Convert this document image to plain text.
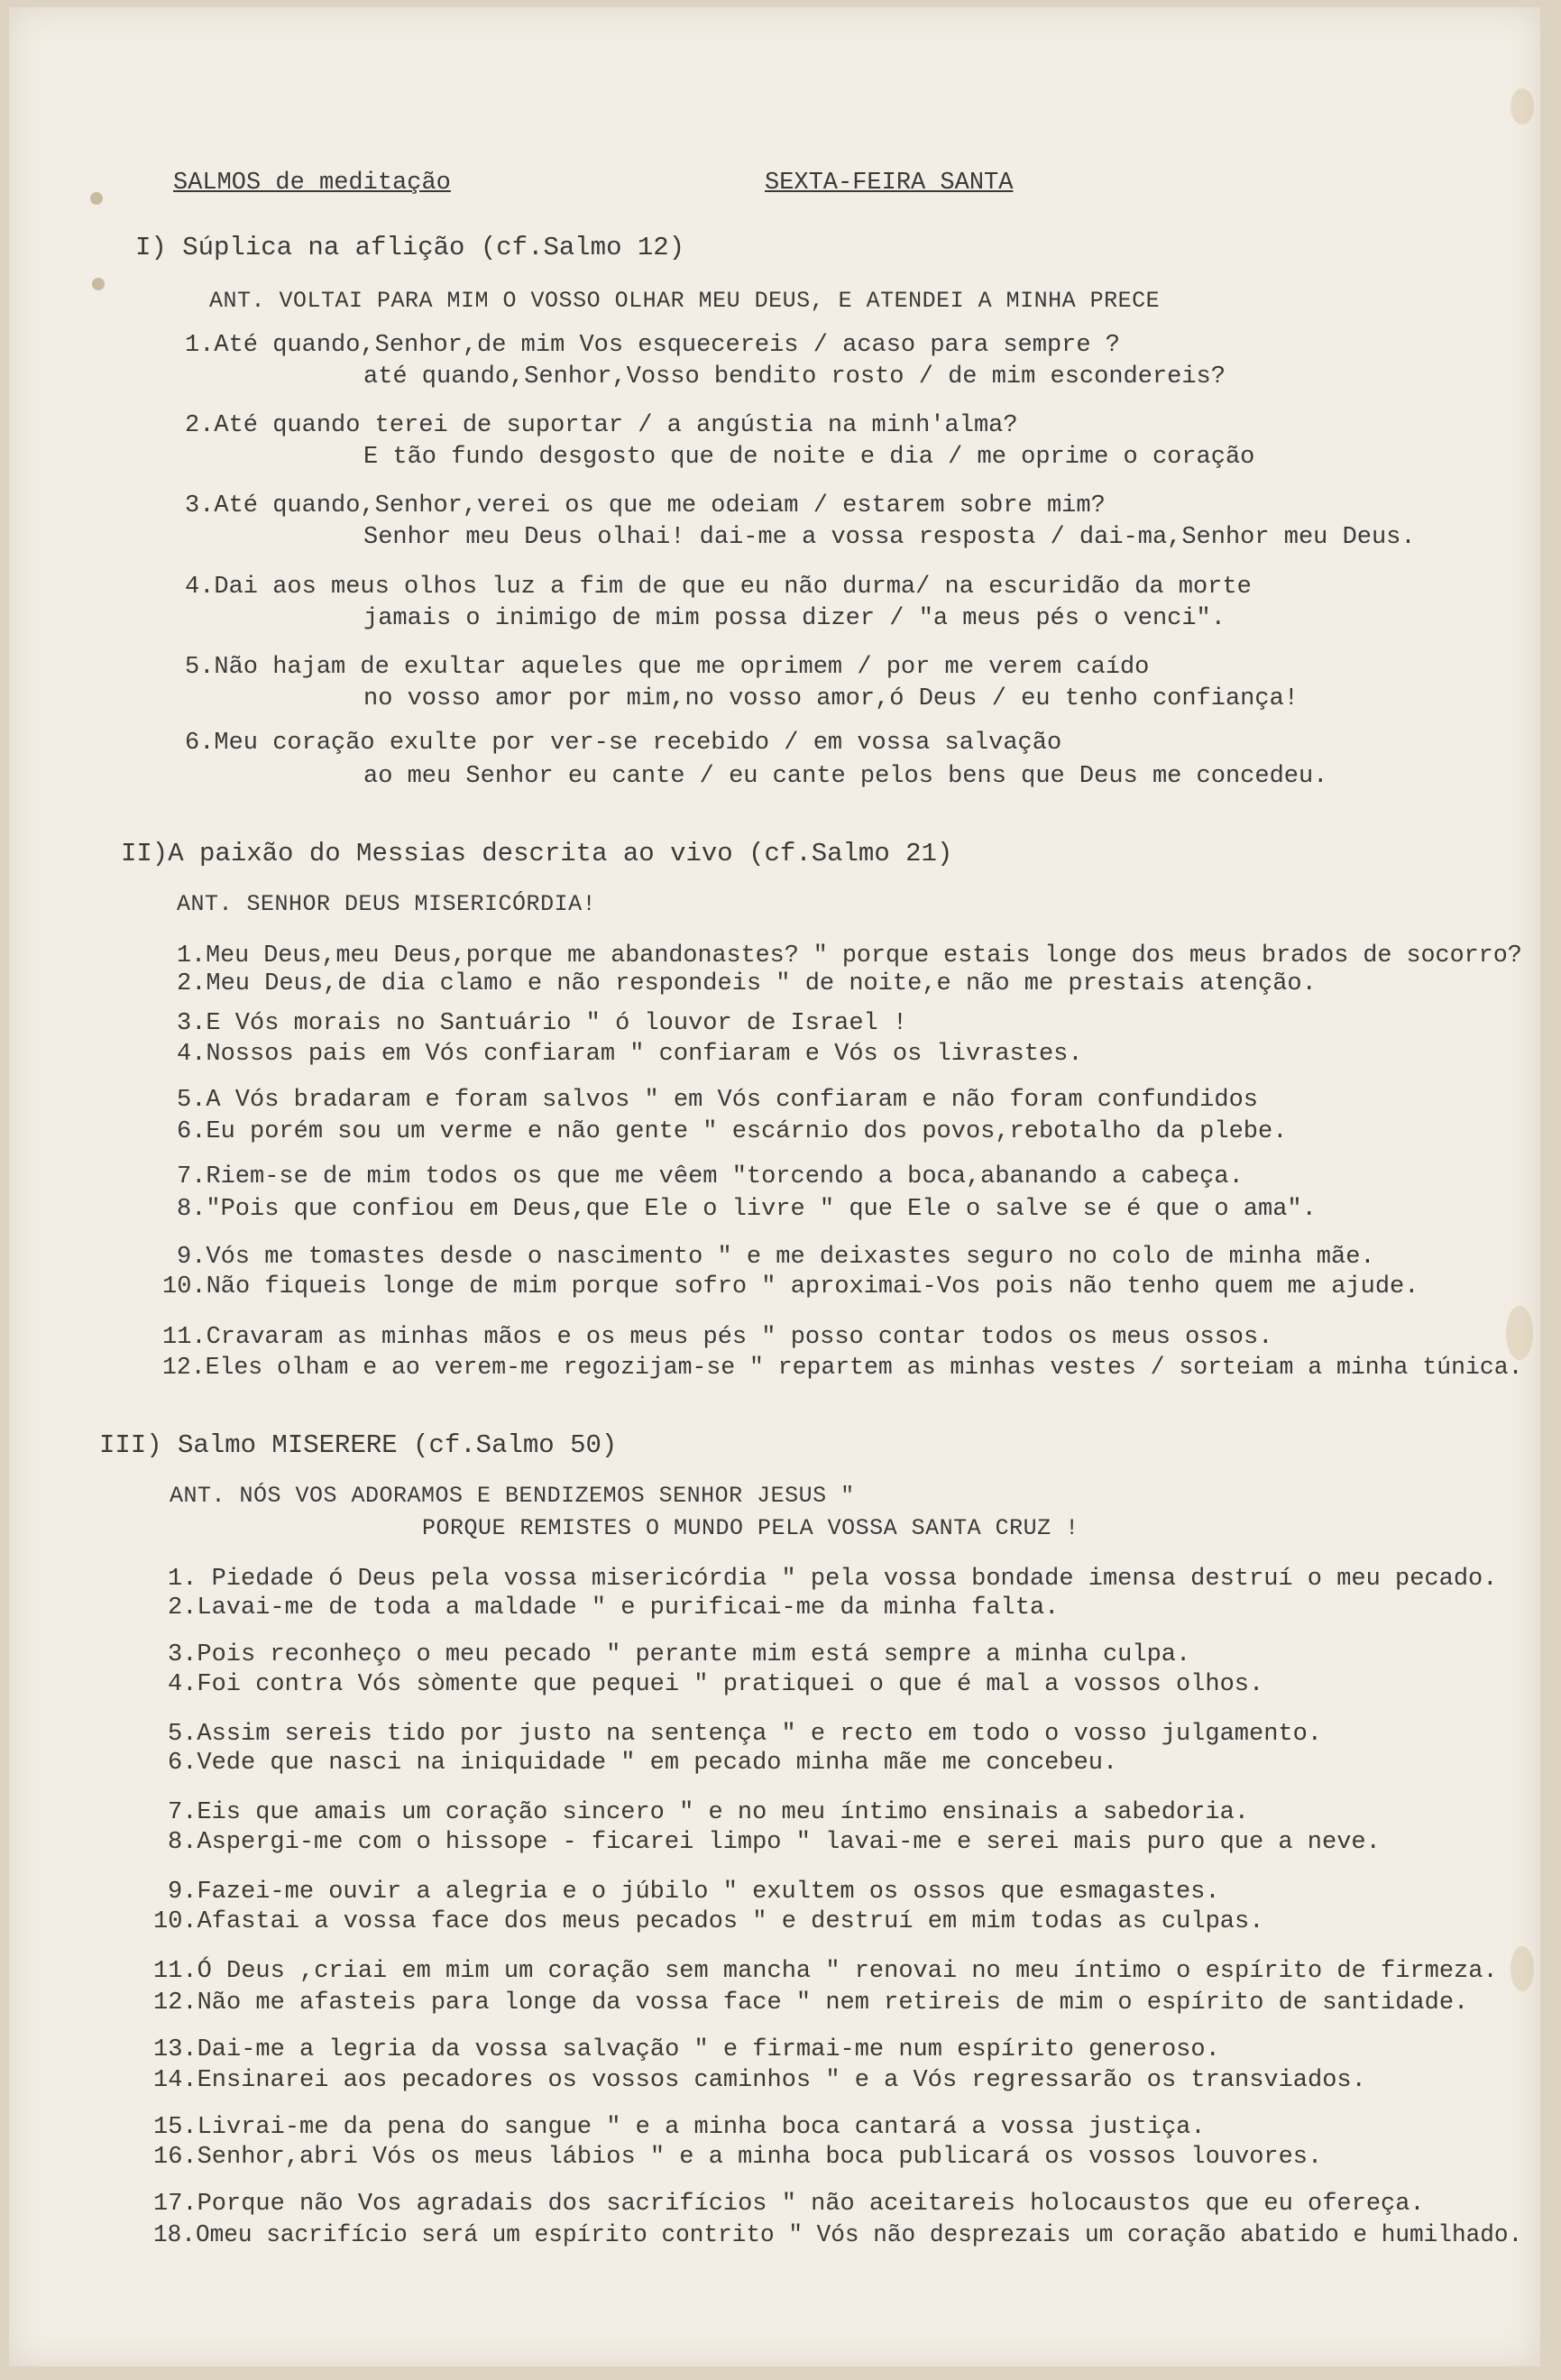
SALMOS de meditação	SEXTA-FEIRA SANTA
I) Súplica na aflição (cf.Salmo 12)
ANT. VOLTAI PARA MIM O VOSSO OLHAR MEU DEUS, E ATENDEI A MINHA PRECE
1.Até quando,Senhor,de mim Vos esquecereis / acaso para sempre ?
até quando,Senhor,Vosso bendito rosto / de mim escondereis?
2.Até quando terei de suportar / a angústia na minh'alma?
E tão fundo desgosto que de noite e dia / me oprime o coração
3.Até quando,Senhor,verei os que me odeiam / estarem sobre mim?
Senhor meu Deus olhai! dai-me a vossa resposta / dai-ma,Senhor meu Deus.
4.Dai aos meus olhos luz a fim de que eu não durma/ na escuridão da morte
jamais o inimigo de mim possa dizer / "a meus pés o venci".
5.Não hajam de exultar aqueles que me oprimem / por me verem caído
no vosso amor por mim,no vosso amor,ó Deus / eu tenho confiança!
6.Meu coração exulte por ver-se recebido / em vossa salvação
ao meu Senhor eu cante / eu cante pelos bens que Deus me concedeu.
II)A paixão do Messias descrita ao vivo (cf.Salmo 21)
ANT. SENHOR DEUS MISERICÓRDIA!
1.Meu Deus,meu Deus,porque me abandonastes? " porque estais longe dos meus brados de socorro?
2.Meu Deus,de dia clamo e não respondeis " de noite,e não me prestais atenção.
3.E Vós morais no Santuário " ó louvor de Israel !
4.Nossos pais em Vós confiaram " confiaram e Vós os livrastes.
5.A Vós bradaram e foram salvos " em Vós confiaram e não foram confundidos
6.Eu porém sou um verme e não gente " escárnio dos povos,rebotalho da plebe.
7.Riem-se de mim todos os que me vêem "torcendo a boca,abanando a cabeça.
8."Pois que confiou em Deus,que Ele o livre " que Ele o salve se é que o ama".
9.Vós me tomastes desde o nascimento " e me deixastes seguro no colo de minha mãe.
10.Não fiqueis longe de mim porque sofro " aproximai-Vos pois não tenho quem me ajude.
11.Cravaram as minhas mãos e os meus pés " posso contar todos os meus ossos.
12.Eles olham e ao verem-me regozijam-se " repartem as minhas vestes / sorteiam a minha túnica.
III) Salmo MISERERE (cf.Salmo 50)
ANT. NÓS VOS ADORAMOS E BENDIZEMOS SENHOR JESUS "
PORQUE REMISTES O MUNDO PELA VOSSA SANTA CRUZ !
1. Piedade ó Deus pela vossa misericórdia " pela vossa bondade imensa destruí o meu pecado.
2.Lavai-me de toda a maldade " e purificai-me da minha falta.
3.Pois reconheço o meu pecado " perante mim está sempre a minha culpa.
4.Foi contra Vós sòmente que pequei " pratiquei o que é mal a vossos olhos.
5.Assim sereis tido por justo na sentença " e recto em todo o vosso julgamento.
6.Vede que nasci na iniquidade " em pecado minha mãe me concebeu.
7.Eis que amais um coração sincero " e no meu íntimo ensinais a sabedoria.
8.Aspergi-me com o hissope - ficarei limpo " lavai-me e serei mais puro que a neve.
9.Fazei-me ouvir a alegria e o júbilo " exultem os ossos que esmagastes.
10.Afastai a vossa face dos meus pecados " e destruí em mim todas as culpas.
11.Ó Deus ,criai em mim um coração sem mancha " renovai no meu íntimo o espírito de firmeza.
12.Não me afasteis para longe da vossa face " nem retireis de mim o espírito de santidade.
13.Dai-me a legria da vossa salvação " e firmai-me num espírito generoso.
14.Ensinarei aos pecadores os vossos caminhos " e a Vós regressarão os transviados.
15.Livrai-me da pena do sangue " e a minha boca cantará a vossa justiça.
16.Senhor,abri Vós os meus lábios " e a minha boca publicará os vossos louvores.
17.Porque não Vos agradais dos sacrifícios " não aceitareis holocaustos que eu ofereça.
18.Omeu sacrifício será um espírito contrito " Vós não desprezais um coração abatido e humilhado.
